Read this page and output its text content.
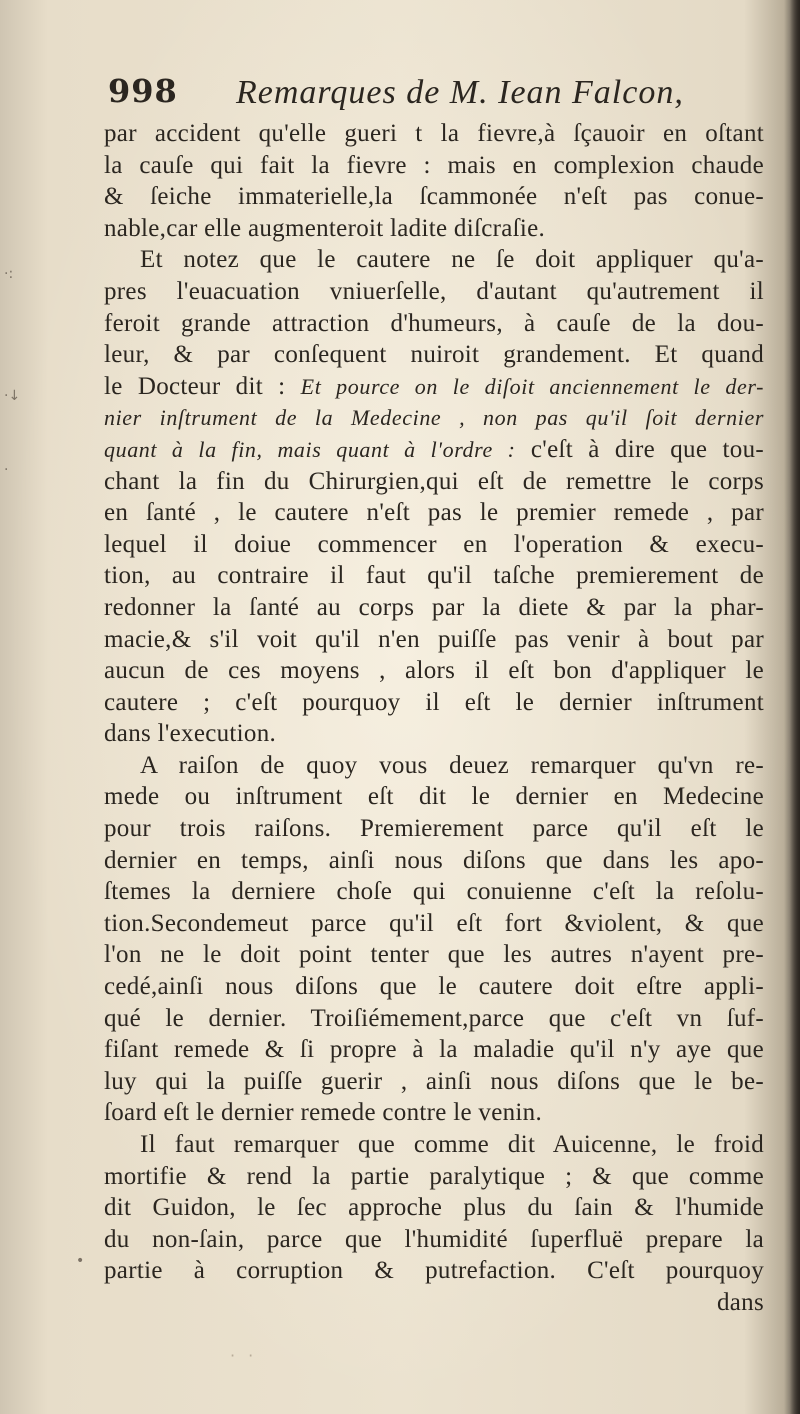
998 Remarques de M. Iean Falcon,
·:
·↓
·
•
par accident qu'elle gueri t la fievre,à ſçauoir en oſtant
la cauſe qui fait la fievre : mais en complexion chaude
& ſeiche immaterielle,la ſcammonée n'eſt pas conue-
nable,car elle augmenteroit ladite diſcraſie.
Et notez que le cautere ne ſe doit appliquer qu'a-
pres l'euacuation vniuerſelle, d'autant qu'autrement il
feroit grande attraction d'humeurs, à cauſe de la dou-
leur, & par conſequent nuiroit grandement. Et quand
le Docteur dit : Et pource on le diſoit anciennement le der-
nier inſtrument de la Medecine , non pas qu'il ſoit dernier
quant à la fin, mais quant à l'ordre : c'eſt à dire que tou-
chant la fin du Chirurgien,qui eſt de remettre le corps
en ſanté , le cautere n'eſt pas le premier remede , par
lequel il doiue commencer en l'operation & execu-
tion, au contraire il faut qu'il taſche premierement de
redonner la ſanté au corps par la diete & par la phar-
macie,& s'il voit qu'il n'en puiſſe pas venir à bout par
aucun de ces moyens , alors il eſt bon d'appliquer le
cautere ; c'eſt pourquoy il eſt le dernier inſtrument
dans l'execution.
A raiſon de quoy vous deuez remarquer qu'vn re-
mede ou inſtrument eſt dit le dernier en Medecine
pour trois raiſons. Premierement parce qu'il eſt le
dernier en temps, ainſi nous diſons que dans les apo-
ſtemes la derniere choſe qui conuienne c'eſt la reſolu-
tion.Secondemeut parce qu'il eſt fort &violent, & que
l'on ne le doit point tenter que les autres n'ayent pre-
cedé,ainſi nous diſons que le cautere doit eſtre appli-
qué le dernier. Troiſiémement,parce que c'eſt vn ſuf-
fiſant remede & ſi propre à la maladie qu'il n'y aye que
luy qui la puiſſe guerir , ainſi nous diſons que le be-
ſoard eſt le dernier remede contre le venin.
Il faut remarquer que comme dit Auicenne, le froid
mortifie & rend la partie paralytique ; & que comme
dit Guidon, le ſec approche plus du ſain & l'humide
du non-ſain, parce que l'humidité ſuperfluë prepare la
partie à corruption & putrefaction. C'eſt pourquoy
dans
· ·
